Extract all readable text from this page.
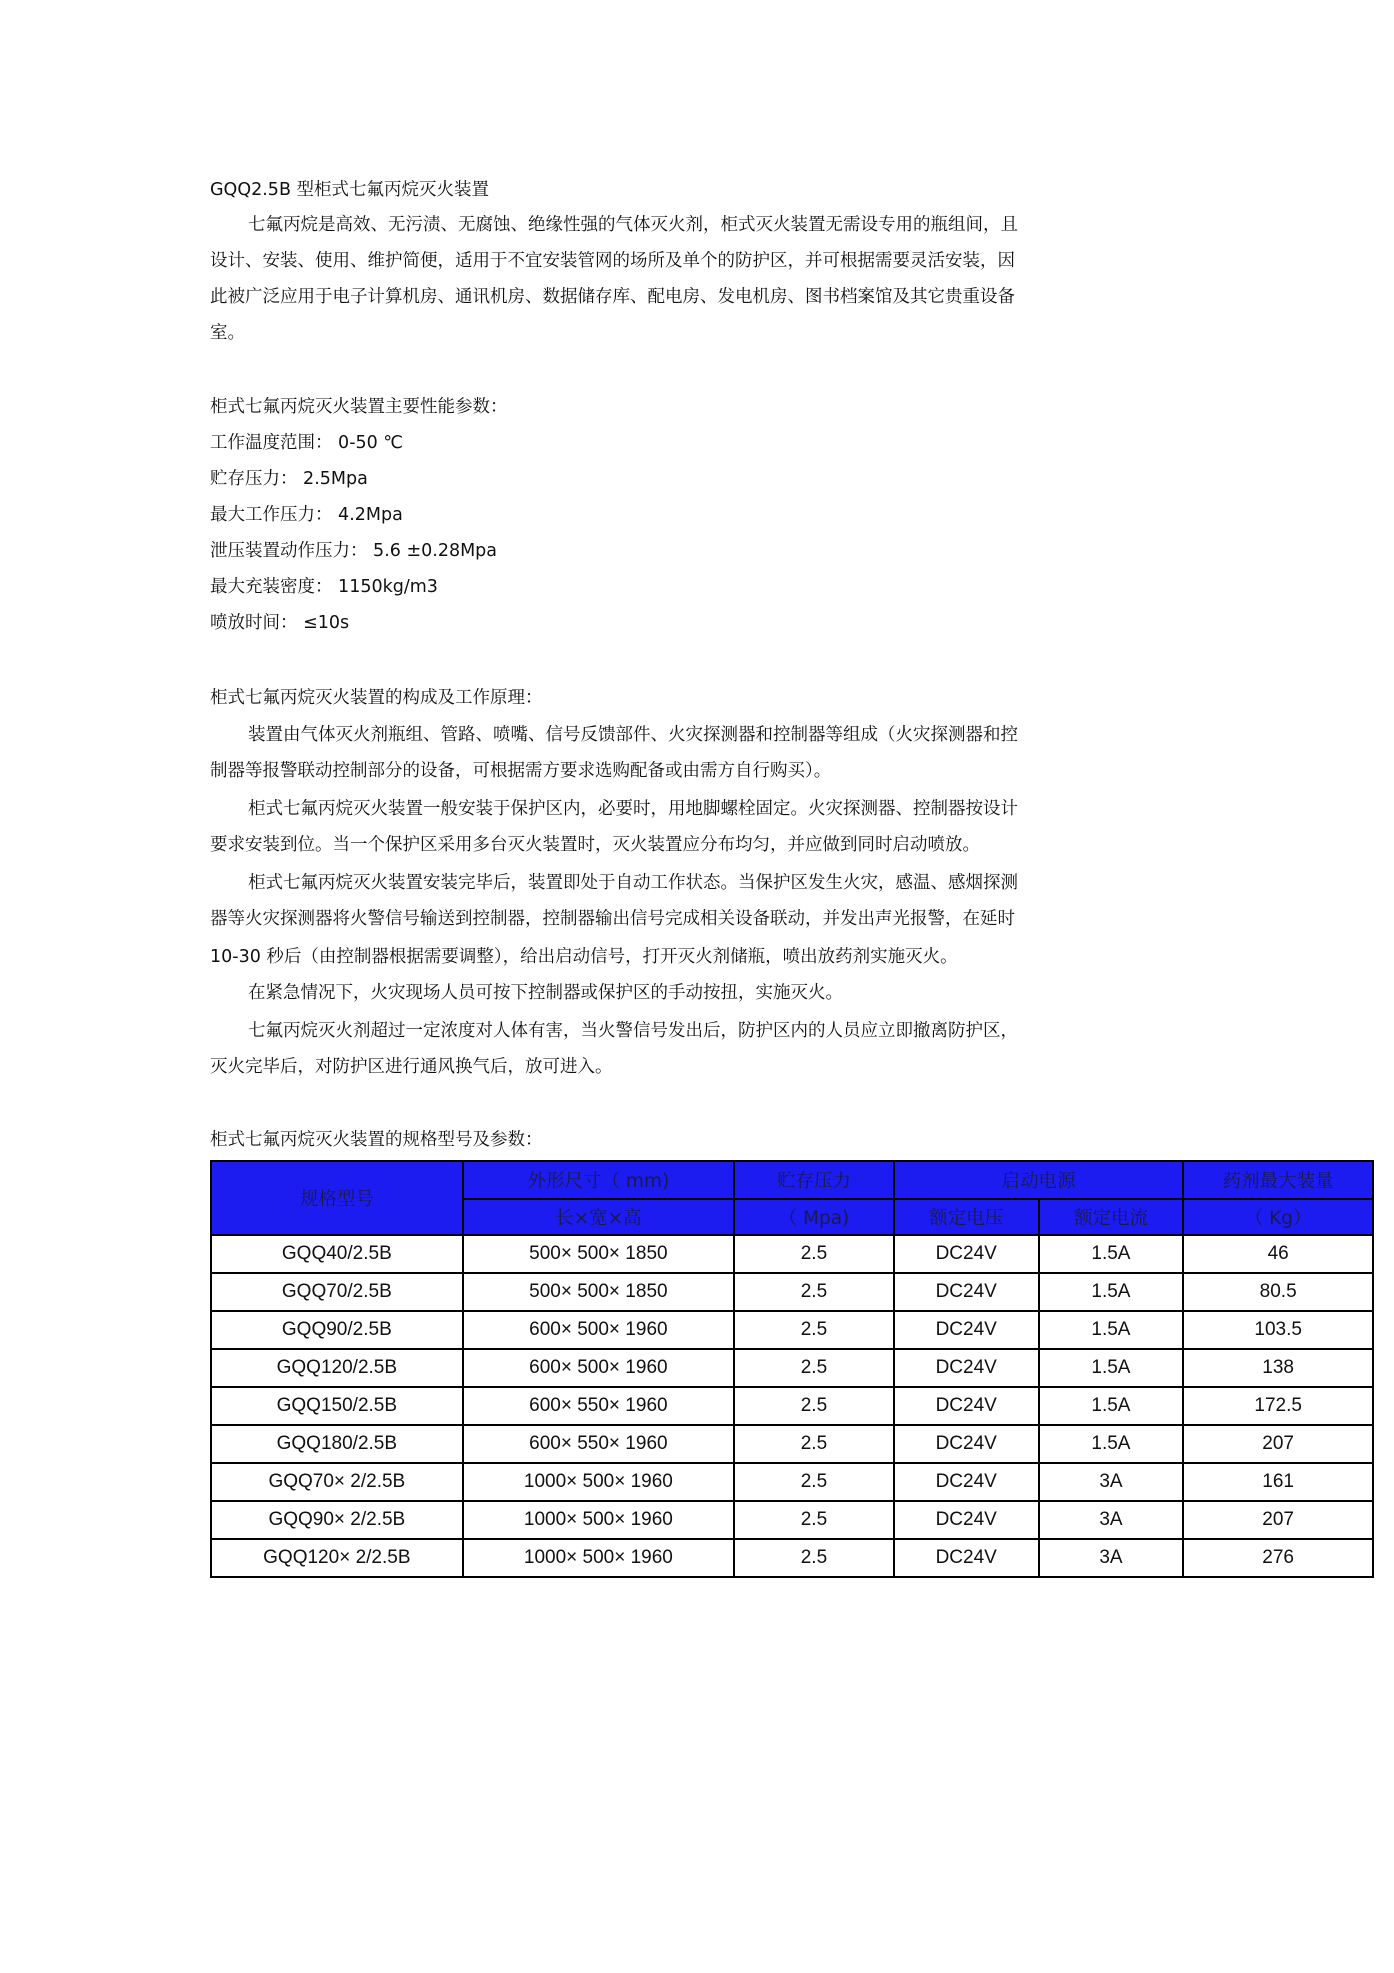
GQQ2.5B 型柜式七氟丙烷灭火装置
七氟丙烷是高效、无污渍、无腐蚀、绝缘性强的气体灭火剂，柜式灭火装置无需设专用的瓶组间，且
设计、安装、使用、维护简便，适用于不宜安装管网的场所及单个的防护区，并可根据需要灵活安装，因
此被广泛应用于电子计算机房、通讯机房、数据储存库、配电房、发电机房、图书档案馆及其它贵重设备
室。
柜式七氟丙烷灭火装置主要性能参数：
工作温度范围： 0-50 ℃
贮存压力： 2.5Mpa
最大工作压力： 4.2Mpa
泄压装置动作压力： 5.6 ±0.28Mpa
最大充装密度： 1150kg/m3
喷放时间： ≤10s
柜式七氟丙烷灭火装置的构成及工作原理：
装置由气体灭火剂瓶组、管路、喷嘴、信号反馈部件、火灾探测器和控制器等组成（火灾探测器和控
制器等报警联动控制部分的设备，可根据需方要求选购配备或由需方自行购买）。
柜式七氟丙烷灭火装置一般安装于保护区内，必要时，用地脚螺栓固定。火灾探测器、控制器按设计
要求安装到位。当一个保护区采用多台灭火装置时，灭火装置应分布均匀，并应做到同时启动喷放。
柜式七氟丙烷灭火装置安装完毕后，装置即处于自动工作状态。当保护区发生火灾，感温、感烟探测
器等火灾探测器将火警信号输送到控制器，控制器输出信号完成相关设备联动，并发出声光报警，在延时
10-30 秒后（由控制器根据需要调整），给出启动信号，打开灭火剂储瓶，喷出放药剂实施灭火。
在紧急情况下，火灾现场人员可按下控制器或保护区的手动按扭，实施灭火。
七氟丙烷灭火剂超过一定浓度对人体有害，当火警信号发出后，防护区内的人员应立即撤离防护区，
灭火完毕后，对防护区进行通风换气后，放可进入。
柜式七氟丙烷灭火装置的规格型号及参数：
规格型号	外形尺寸（ mm)	贮存压力	启动电源		药剂最大装量
	长×宽×高	（ Mpa)	额定电压	额定电流	（ Kg）
GQQ40/2.5B	500× 500× 1850	2.5	DC24V	1.5A	46
GQQ70/2.5B	500× 500× 1850	2.5	DC24V	1.5A	80.5
GQQ90/2.5B	600× 500× 1960	2.5	DC24V	1.5A	103.5
GQQ120/2.5B	600× 500× 1960	2.5	DC24V	1.5A	138
GQQ150/2.5B	600× 550× 1960	2.5	DC24V	1.5A	172.5
GQQ180/2.5B	600× 550× 1960	2.5	DC24V	1.5A	207
GQQ70× 2/2.5B	1000× 500× 1960	2.5	DC24V	3A	161
GQQ90× 2/2.5B	1000× 500× 1960	2.5	DC24V	3A	207
GQQ120× 2/2.5B	1000× 500× 1960	2.5	DC24V	3A	276
